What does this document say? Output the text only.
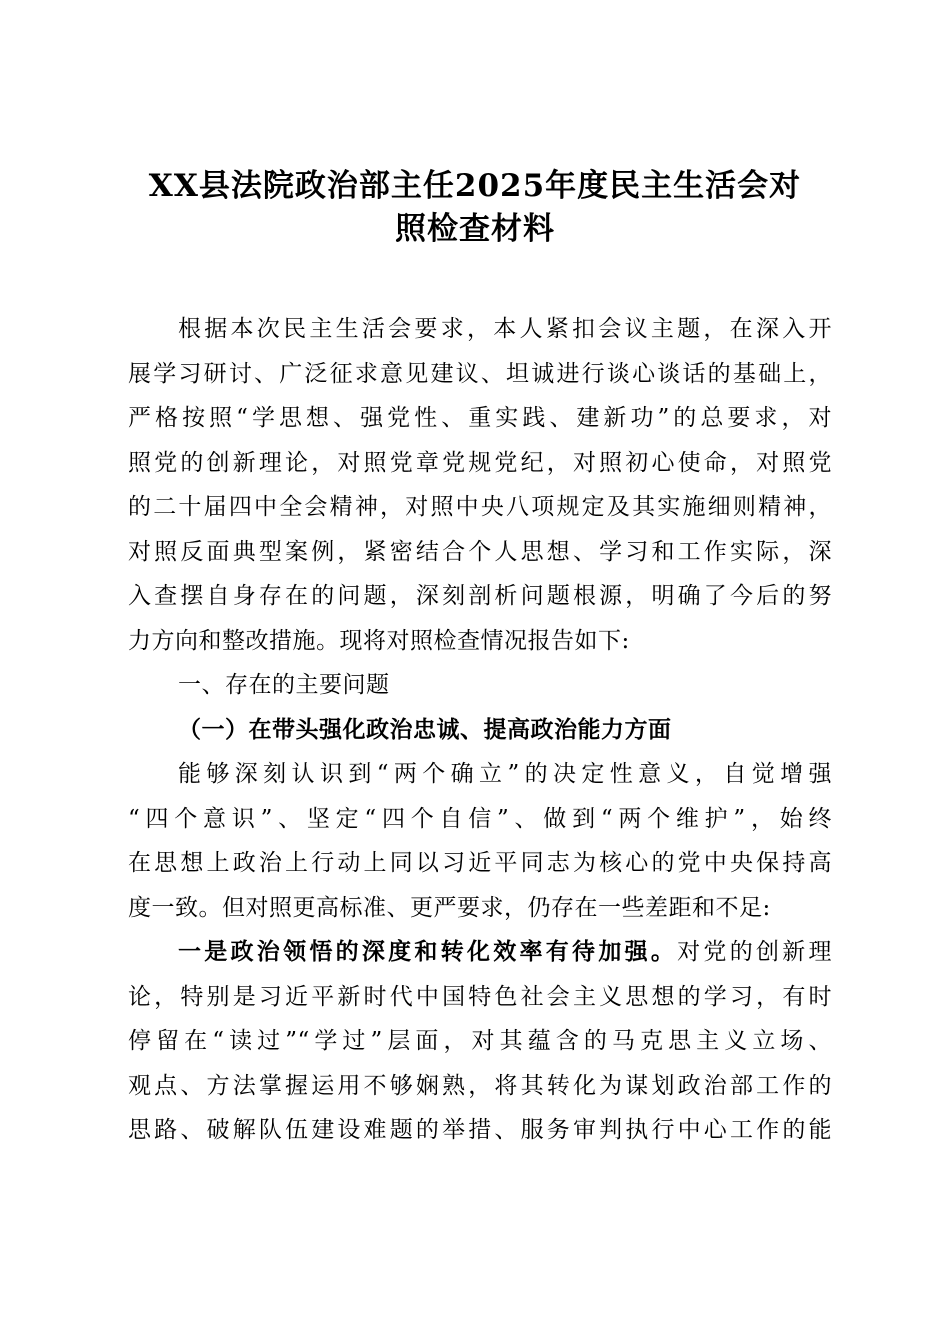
XX县法院政治部主任2025年度民主生活会对
照检查材料
根据本次民主生活会要求，本人紧扣会议主题，在深入开
展学习研讨、广泛征求意见建议、坦诚进行谈心谈话的基础上，
严格按照“学思想、强党性、重实践、建新功”的总要求，对
照党的创新理论，对照党章党规党纪，对照初心使命，对照党
的二十届四中全会精神，对照中央八项规定及其实施细则精神，
对照反面典型案例，紧密结合个人思想、学习和工作实际，深
入查摆自身存在的问题，深刻剖析问题根源，明确了今后的努
力方向和整改措施。现将对照检查情况报告如下:
一、存在的主要问题
（一）在带头强化政治忠诚、提高政治能力方面
能够深刻认识到“两个确立”的决定性意义，自觉增强
“四个意识”、坚定“四个自信”、做到“两个维护”，始终
在思想上政治上行动上同以习近平同志为核心的党中央保持高
度一致。但对照更高标准、更严要求，仍存在一些差距和不足:
一是政治领悟的深度和转化效率有待加强。对党的创新理
论，特别是习近平新时代中国特色社会主义思想的学习，有时
停留在“读过”“学过”层面，对其蕴含的马克思主义立场、
观点、方法掌握运用不够娴熟，将其转化为谋划政治部工作的
思路、破解队伍建设难题的举措、服务审判执行中心工作的能
